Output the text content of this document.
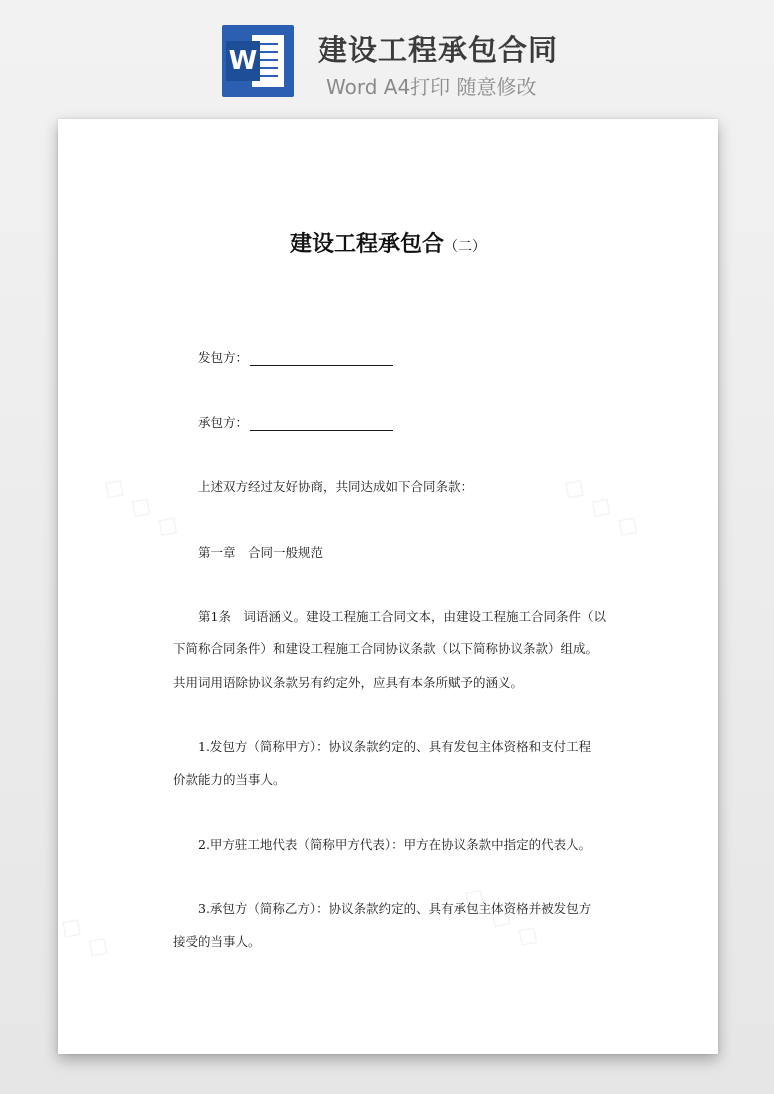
W 建设工程承包合同
Word A4打印 随意修改
建设工程承包合（二）
发包方：
承包方：
上述双方经过友好协商，共同达成如下合同条款：
第一章　合同一般规范
第1条　词语涵义。建设工程施工合同文本，由建设工程施工合同条件（以
下简称合同条件）和建设工程施工合同协议条款（以下简称协议条款）组成。
共用词用语除协议条款另有约定外，应具有本条所赋予的涵义。
1.发包方（简称甲方）：协议条款约定的、具有发包主体资格和支付工程
价款能力的当事人。
2.甲方驻工地代表（简称甲方代表）：甲方在协议条款中指定的代表人。
3.承包方（简称乙方）：协议条款约定的、具有承包主体资格并被发包方
接受的当事人。
